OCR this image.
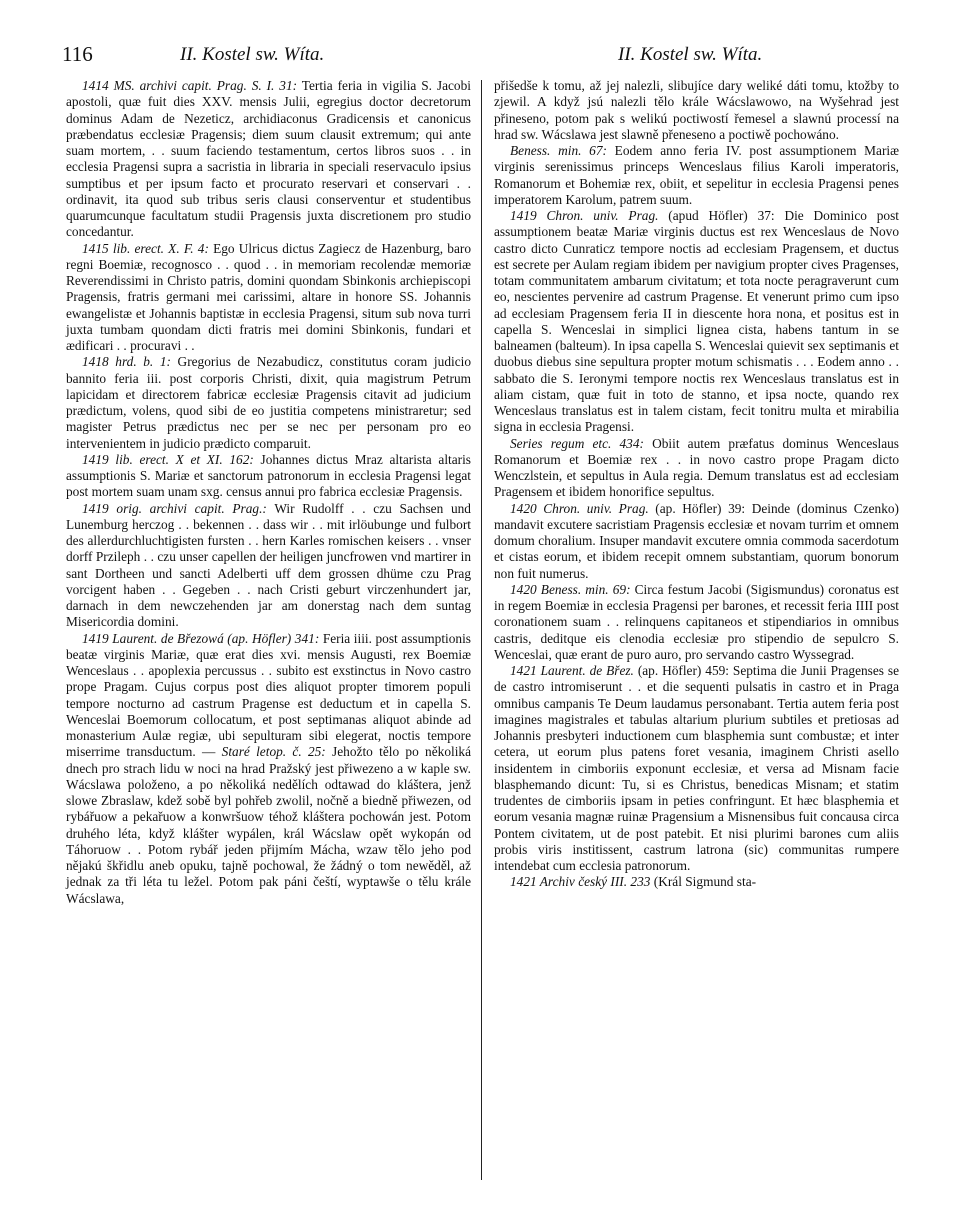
116	II. Kostel sw. Wíta.	II. Kostel sw. Wíta.

1414 MS. archivi capit. Prag. S. I. 31: Tertia feria in vigilia S. Jacobi apostoli, quæ fuit dies XXV. mensis Julii, egregius doctor decretorum dominus Adam de Nezeticz, archidiaconus Gradicensis et canonicus præbendatus ecclesiæ Pragensis; diem suum clausit extremum; qui ante suam mortem, . . suum faciendo testamentum, certos libros suos . . in ecclesia Pragensi supra a sacristia in libraria in speciali reservaculo ipsius sumptibus et per ipsum facto et procurato reservari et conservari . . ordinavit, ita quod sub tribus seris clausi conserventur et studentibus quarumcunque facultatum studii Pragensis juxta discretionem pro studio concedantur.

1415 lib. erect. X. F. 4: Ego Ulricus dictus Zagiecz de Hazenburg, baro regni Boemiæ, recognosco . . quod . . in memoriam recolendæ memoriæ Reverendissimi in Christo patris, domini quondam Sbinkonis archiepiscopi Pragensis, fratris germani mei carissimi, altare in honore SS. Johannis ewangelistæ et Johannis baptistæ in ecclesia Pragensi, situm sub nova turri juxta tumbam quondam dicti fratris mei domini Sbinkonis, fundari et ædificari . . procuravi . .

1418 hrd. b. 1: Gregorius de Nezabudicz, constitutus coram judicio bannito feria iii. post corporis Christi, dixit, quia magistrum Petrum lapicidam et directorem fabricæ ecclesiæ Pragensis citavit ad judicium prædictum, volens, quod sibi de eo justitia competens ministraretur; sed magister Petrus prædictus nec per se nec per personam pro eo intervenientem in judicio prædicto comparuit.

1419 lib. erect. X et XI. 162: Johannes dictus Mraz altarista altaris assumptionis S. Mariæ et sanctorum patronorum in ecclesia Pragensi legat post mortem suam unam sxg. census annui pro fabrica ecclesiæ Pragensis.

1419 orig. archivi capit. Prag.: Wir Rudolff . . czu Sachsen und Lunemburg herczog . . bekennen . . dass wir . . mit irlöubunge und fulbort des allerdurchluchtigisten fursten . . hern Karles romischen keisers . . vnser dorff Przileph . . czu unser capellen der heiligen juncfrowen vnd martirer in sant Dortheen und sancti Adelberti uff dem grossen dhüme czu Prag vorcigent haben . . Gegeben . . nach Cristi geburt virczenhundert jar, darnach in dem newczehenden jar am donerstag nach dem suntag Misericordia domini.

1419 Laurent. de Březowá (ap. Höfler) 341: Feria iiii. post assumptionis beatæ virginis Mariæ, quæ erat dies xvi. mensis Augusti, rex Boemiæ Wenceslaus . . apoplexia percussus . . subito est exstinctus in Novo castro prope Pragam. Cujus corpus post dies aliquot propter timorem populi tempore nocturno ad castrum Pragense est deductum et in capella S. Wenceslai Boemorum collocatum, et post septimanas aliquot abinde ad monasterium Aulæ regiæ, ubi sepulturam sibi elegerat, noctis tempore miserrime transductum. — Staré letop. č. 25: Jehožto tělo po několiká dnech pro strach lidu w noci na hrad Pražský jest přiwezeno a w kaple sw. Wácslawa položeno, a po několiká nedělích odtawad do kláštera, jenž slowe Zbraslaw, kdež sobě byl pohřeb zwolil, nočně a biedně přiwezen, od rybářuow a pekařuow a konwršuow téhož kláštera pochowán jest. Potom druhého léta, když klášter wypálen, král Wácslaw opět wykopán od Táhoruow . . Potom rybář jeden přijmím Mácha, wzaw tělo jeho pod nějakú škřidlu aneb opuku, tajně pochowal, že žádný o tom newěděl, až jednak za tři léta tu ležel. Potom pak páni čeští, wyptawše o tělu krále Wácslawa,

přišedše k tomu, až jej nalezli, slibujíce dary weliké dáti tomu, ktožby to zjewil. A když jsú nalezli tělo krále Wácslawowo, na Wyšehrad jest přineseno, potom pak s welikú poctiwostí řemesel a slawnú processí na hrad sw. Wácslawa jest slawně přeneseno a poctiwě pochowáno.

Beness. min. 67: Eodem anno feria IV. post assumptionem Mariæ virginis serenissimus princeps Wenceslaus filius Karoli imperatoris, Romanorum et Bohemiæ rex, obiit, et sepelitur in ecclesia Pragensi penes imperatorem Karolum, patrem suum.

1419 Chron. univ. Prag. (apud Höfler) 37: Die Dominico post assumptionem beatæ Mariæ virginis ductus est rex Wenceslaus de Novo castro dicto Cunraticz tempore noctis ad ecclesiam Pragensem, et ductus est secrete per Aulam regiam ibidem per navigium propter cives Pragenses, totam communitatem ambarum civitatum; et tota nocte peragraverunt cum eo, nescientes pervenire ad castrum Pragense. Et venerunt primo cum ipso ad ecclesiam Pragensem feria II in diescente hora nona, et positus est in capella S. Wenceslai in simplici lignea cista, habens tantum in se balneamen (balteum). In ipsa capella S. Wenceslai quievit sex septimanis et duobus diebus sine sepultura propter motum schismatis . . . Eodem anno . . sabbato die S. Ieronymi tempore noctis rex Wenceslaus translatus est in aliam cistam, quæ fuit in toto de stanno, et ipsa nocte, quando rex Wenceslaus translatus est in talem cistam, fecit tonitru multa et mirabilia signa in ecclesia Pragensi.

Series regum etc. 434: Obiit autem præfatus dominus Wenceslaus Romanorum et Boemiæ rex . . in novo castro prope Pragam dicto Wenczlstein, et sepultus in Aula regia. Demum translatus est ad ecclesiam Pragensem et ibidem honorifice sepultus.

1420 Chron. univ. Prag. (ap. Höfler) 39: Deinde (dominus Czenko) mandavit excutere sacristiam Pragensis ecclesiæ et novam turrim et omnem domum choralium. Insuper mandavit excutere omnia commoda sacerdotum et cistas eorum, et ibidem recepit omnem substantiam, quorum bonorum non fuit numerus.

1420 Beness. min. 69: Circa festum Jacobi (Sigismundus) coronatus est in regem Boemiæ in ecclesia Pragensi per barones, et recessit feria IIII post coronationem suam . . relinquens capitaneos et stipendiarios in omnibus castris, deditque eis clenodia ecclesiæ pro stipendio de sepulcro S. Wenceslai, quæ erant de puro auro, pro servando castro Wyssegrad.

1421 Laurent. de Břez. (ap. Höfler) 459: Septima die Junii Pragenses se de castro intromiserunt . . et die sequenti pulsatis in castro et in Praga omnibus campanis Te Deum laudamus personabant. Tertia autem feria post imagines magistrales et tabulas altarium plurium subtiles et pretiosas ad Johannis presbyteri inductionem cum blasphemia sunt combustæ; et inter cetera, ut eorum plus patens foret vesania, imaginem Christi asello insidentem in cimboriis exponunt ecclesiæ, et versa ad Misnam facie blasphemando dicunt: Tu, si es Christus, benedicas Misnam; et statim trudentes de cimboriis ipsam in peties confringunt. Et hæc blasphemia et eorum vesania magnæ ruinæ Pragensium a Misnensibus fuit concausa circa Pontem civitatem, ut de post patebit. Et nisi plurimi barones cum aliis probis viris institissent, castrum latrona (sic) communitas rumpere intendebat cum ecclesia patronorum.

1421 Archiv český III. 233 (Král Sigmund sta-
